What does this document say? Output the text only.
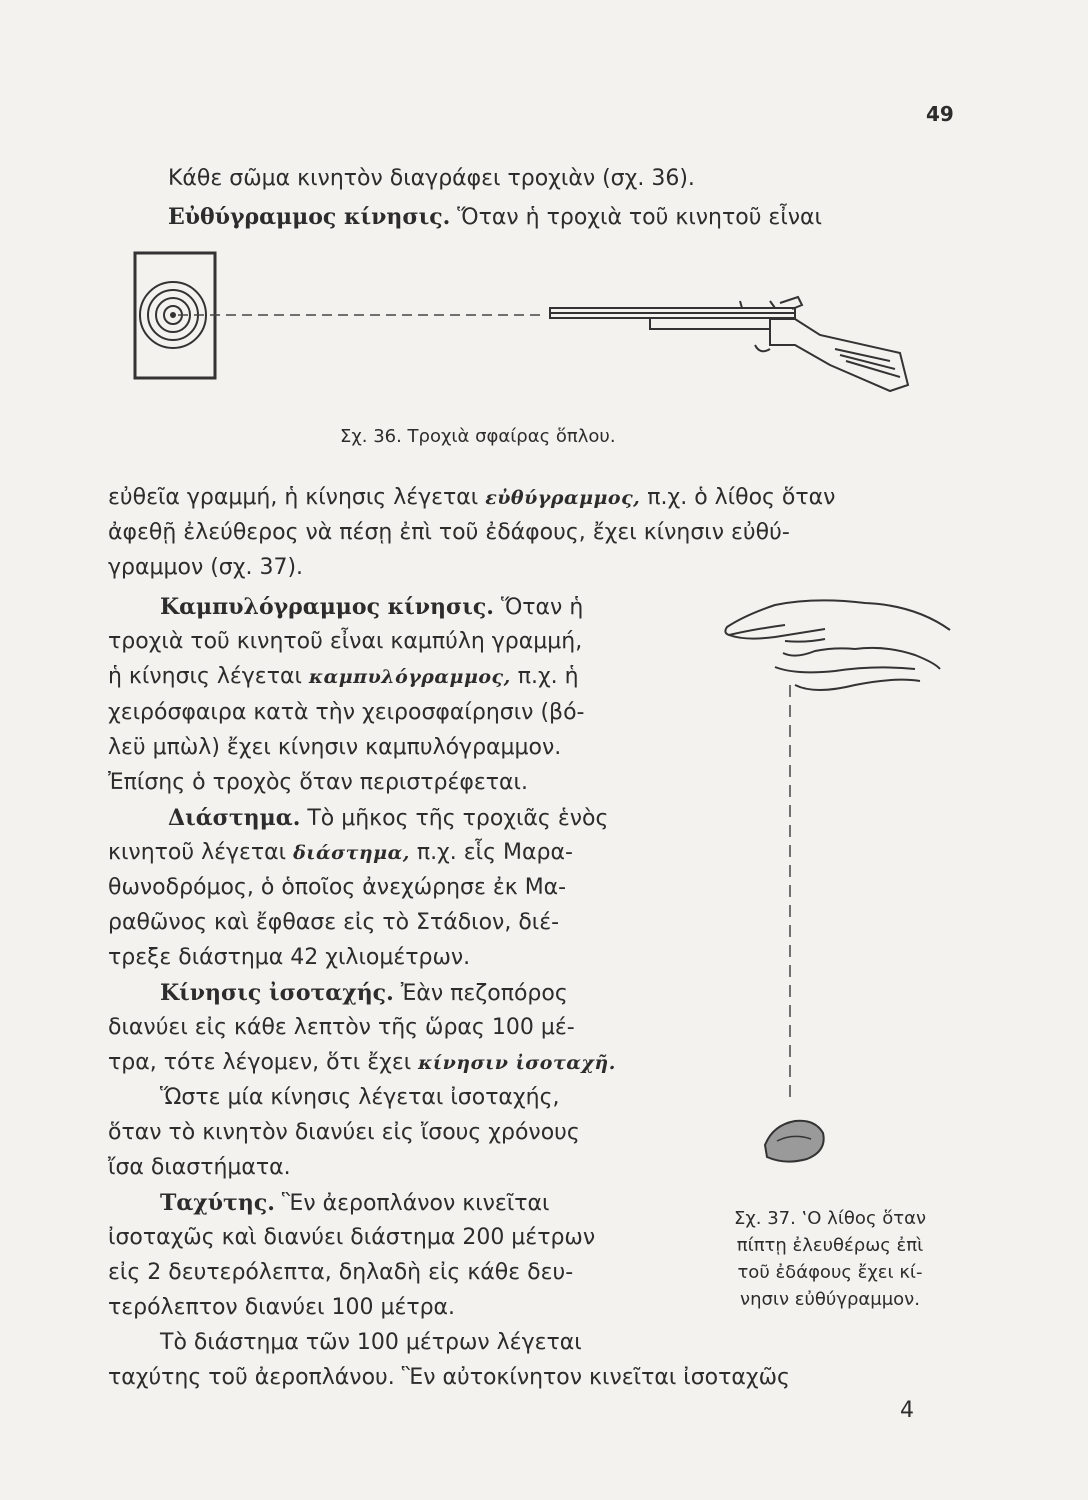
49
Κάθε σῶμα κινητὸν διαγράφει τροχιὰν (σχ. 36).
Εὐθύγραμμος κίνησις. Ὅταν ἡ τροχιὰ τοῦ κινητοῦ εἶναι
Σχ. 36. Τροχιὰ σφαίρας ὅπλου.
εὐθεῖα γραμμή, ἡ κίνησις λέγεται εὐθύγραμμος, π.χ. ὁ λίθος ὅταν
ἀφεθῇ ἐλεύθερος νὰ πέσῃ ἐπὶ τοῦ ἐδάφους, ἔχει κίνησιν εὐθύ-
γραμμον (σχ. 37).
Καμπυλόγραμμος κίνησις. Ὅταν ἡ
τροχιὰ τοῦ κινητοῦ εἶναι καμπύλη γραμμή,
ἡ κίνησις λέγεται καμπυλόγραμμος, π.χ. ἡ
χειρόσφαιρα κατὰ τὴν χειροσφαίρησιν (βό-
λεϋ μπὼλ) ἔχει κίνησιν καμπυλόγραμμον.
Ἐπίσης ὁ τροχὸς ὅταν περιστρέφεται.
Διάστημα. Τὸ μῆκος τῆς τροχιᾶς ἑνὸς
κινητοῦ λέγεται διάστημα, π.χ. εἷς Μαρα-
θωνοδρόμος, ὁ ὁποῖος ἀνεχώρησε ἐκ Μα-
ραθῶνος καὶ ἔφθασε εἰς τὸ Στάδιον, διέ-
τρεξε διάστημα 42 χιλιομέτρων.
Κίνησις ἰσοταχής. Ἐὰν πεζοπόρος
διανύει εἰς κάθε λεπτὸν τῆς ὥρας 100 μέ-
τρα, τότε λέγομεν, ὅτι ἔχει κίνησιν ἰσοταχῆ.
Ὥστε μία κίνησις λέγεται ἰσοταχής,
ὅταν τὸ κινητὸν διανύει εἰς ἴσους χρόνους
ἴσα διαστήματα.
Ταχύτης. Ἓν ἀεροπλάνον κινεῖται
ἰσοταχῶς καὶ διανύει διάστημα 200 μέτρων
εἰς 2 δευτερόλεπτα, δηλαδὴ εἰς κάθε δευ-
τερόλεπτον διανύει 100 μέτρα.
Τὸ διάστημα τῶν 100 μέτρων λέγεται
ταχύτης τοῦ ἀεροπλάνου. Ἓν αὐτοκίνητον κινεῖται ἰσοταχῶς
Σχ. 37. ‛Ο λίθος ὅταν
πίπτῃ ἐλευθέρως ἐπὶ
τοῦ ἐδάφους ἔχει κί-
νησιν εὐθύγραμμον.
4
